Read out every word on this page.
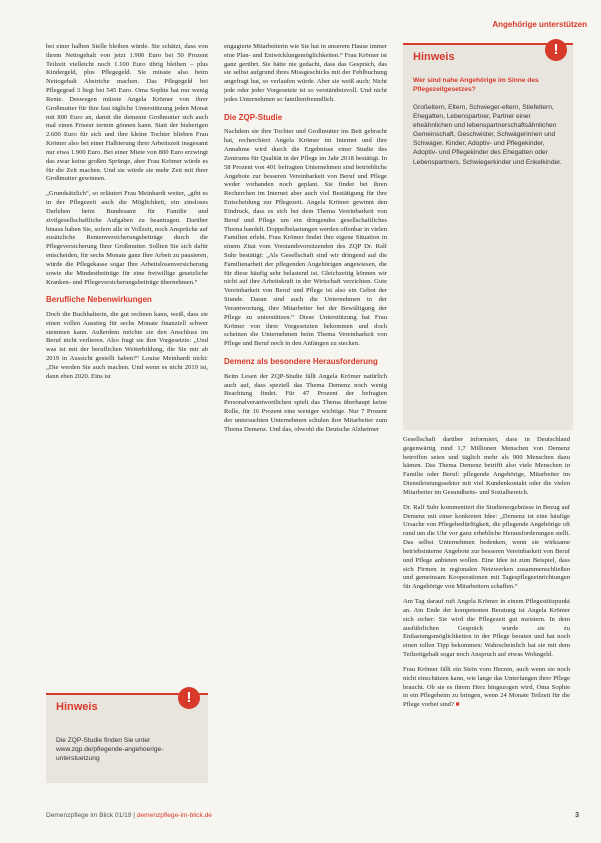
Angehörige unterstützen

bei einer halben Stelle bleiben würde. Sie schätzt, dass von ihrem Nettogehalt von jetzt 1.900 Euro bei 50 Prozent Teilzeit vielleicht noch 1.100 Euro übrig bleiben – plus Kindergeld, plus Pflegegeld. Sie müsste also beim Nettogehalt Abstriche machen. Das Pflegegeld bei Pflegegrad 3 liegt bei 545 Euro. Oma Sophie hat nur wenig Rente. Deswegen müsste Angela Krömer von ihrer Großmutter für ihre fast tägliche Unterstützung jeden Monat mit 800 Euro an, damit die demente Großmutter sich auch mal einen Friseur termin gönnen kann. Statt der bisherigen 2.600 Euro für sich und ihre kleine Tochter blieben Frau Krömer also bei einer Halbierung ihrer Arbeitszeit insgesamt nur etwa 1.900 Euro. Bei einer Miete von 800 Euro erzwingt das zwar keine großen Sprünge, aber Frau Krömer würde es für die Zeit machen. Und sie würde sie mehr Zeit mit ihrer Großmutter gewinnen.

„Grundsätzlich“, so erläutert Frau Meinhardt weiter, „gibt es in der Pflegezeit auch die Möglichkeit, ein zinsloses Darlehen beim Bundesamt für Familie und zivilgesellschaftliche Aufgaben zu beantragen. Darüber hinaus haben Sie, sofern alle in Vollzeit, noch Ansprüche auf zusätzliche Rentenversicherungsbeiträge durch die Pflegeversicherung Ihrer Großmutter. Sollten Sie sich dafür entscheiden, für sechs Monate ganz Ihre Arbeit zu pausieren, würde die Pflegekasse sogar Ihre Arbeitslosenversicherung sowie die Mindestbeiträge für eine freiwillige gesetzliche Kranken- und Pflegeversicherungsbeiträge übernehmen.“

Berufliche Nebenwirkungen

Doch die Buchhalterin, die gut rechnen kann, weiß, dass sie einen vollen Ausstieg für sechs Monate finanziell schwer stemmen kann. Außerdem möchte sie den Anschluss im Beruf nicht verlieren. Also fragt sie ihre Vorgesetzte: „Und was ist mit der beruflichen Weiterbildung, die Sie mir ab 2019 in Aussicht gestellt haben?“ Louise Meinhardt nickt: „Die werden Sie auch machen. Und wenn es nicht 2019 ist, dann eben 2020. Eins ist

engagierte Mitarbeiterin wie Sie hat in unserem Hause immer eine Plan- und Entwicklungsmöglichkeiten.“ Frau Krömer ist ganz gerührt. Sie hätte nie gedacht, dass das Gespräch, das sie selbst aufgrund ihres Missgeschicks mit der Fehlbuchung angefragt hat, so verlaufen würde. Aber sie weiß auch: Nicht jede oder jeder Vorgesetzte ist so verständnisvoll. Und nicht jedes Unternehmen so familienfreundlich.

Die ZQP-Studie

Nachdem sie ihre Tochter und Großmutter ins Bett gebracht hat, recherchiert Angela Krömer im Internet und ihre Annahme wird durch die Ergebnisse einer Studie des Zentrums für Qualität in der Pflege im Jahr 2018 bestätigt. In 58 Prozent von 401 befragten Unternehmen sind betriebliche Angebote zur besseren Vereinbarkeit von Beruf und Pflege weder vorhanden noch geplant. Sie findet bei ihren Recherchen im Internet aber auch viel Bestätigung für ihre Entscheidung zur Pflegezeit. Angela Krömer gewinnt den Eindruck, dass es sich bei dem Thema Vereinbarkeit von Beruf und Pflege um ein dringendes gesellschaftliches Thema handelt. Doppelbelastungen werden offenbar in vielen Familien erlebt. Frau Krömer findet ihre eigene Situation in einem Zitat vom Vorstandsvorsitzenden des ZQP Dr. Ralf Suhr bestätigt: „Als Gesellschaft sind wir dringend auf die Familienarbeit der pflegenden Angehörigen angewiesen, die für diese häufig sehr belastend ist. Gleichzeitig können wir nicht auf ihre Arbeitskraft in der Wirtschaft verzichten. Gute Vereinbarkeit von Beruf und Pflege ist also ein Gebot der Stunde. Daran sind auch die Unternehmen in der Verantwortung, ihre Mitarbeiter bei der Bewältigung der Pflege zu unterstützen.“ Diese Unterstützung hat Frau Krömer von ihrer Vorgesetzten bekommen und doch scheinen die Unternehmen beim Thema Vereinbarkeit von Pflege und Beruf noch in den Anfängen zu stecken.

Demenz als besondere Herausforderung

Beim Lesen der ZQP-Studie fällt Angela Krömer natürlich auch auf, dass speziell das Thema Demenz noch wenig Beachtung findet. Für 47 Prozent der befragten Personalverantwortlichen spielt das Thema überhaupt keine Rolle, für 16 Prozent eine weniger wichtige. Nur 7 Prozent der untersuchten Unternehmen schulen ihre Mitarbeiter zum Thema Demenz. Und das, obwohl die Deutsche Alzheimer

Hinweis	!
Wer sind nahe Angehörige im Sinne des Pflegezeitgesetzes?
Großeltern, Eltern, Schwieger-eltern, Stiefeltern, Ehegatten, Lebenspartner, Partner einer eheähnlichen und lebenspartnerschaftsähnlichen Gemeinschaft, Geschwister, Schwägerinnen und Schwager, Kinder, Adoptiv- und Pflegekinder, Adoptiv- und Pflegekinder des Ehegatten oder Lebenspartners, Schwiegerkinder und Enkelkinder.

Gesellschaft darüber informiert, dass in Deutschland gegenwärtig rund 1,7 Millionen Menschen von Demenz betroffen seien und täglich mehr als 900 Menschen dazu kämen. Das Thema Demenz betrifft also viele Menschen in Familie oder Beruf: pflegende Angehörige, Mitarbeiter im Dienstleistungssektor mit viel Kundenkontakt oder die vielen Mitarbeiter im Gesundheits- und Sozialbereich.

Dr. Ralf Suhr kommentiert die Studienergebnisse in Bezug auf Demenz mit einer konkreten Idee: „Demenz ist eine häufige Ursache von Pflegebedürftigkeit, die pflegende Angehörige oft rund um die Uhr vor ganz erhebliche Herausforderungen stellt. Das selbst Unternehmen bedenken, wenn sie wirksame betriebsinterne Angebote zur besseren Vereinbarkeit von Beruf und Pflege anbieten wollen. Eine Idee ist zum Beispiel, dass sich Firmen in regionalen Netzwerken zusammenschließen und gemeinsam Kooperationen mit Tagespflegeeinrichtungen für Angehörige von Mitarbeitern schaffen.“

Am Tag darauf ruft Angela Krömer in einem Pflegestützpunkt an. Am Ende der kompetenten Beratung ist Angela Krömer sich sicher: Sie wird die Pflegezeit gut meistern. In dem ausführlichen Gespräch wurde sie zu Entlastungsmöglichkeiten in der Pflege beraten und hat noch einen tollen Tipp bekommen: Wahrscheinlich hat sie mit dem Teilzeitgehalt sogar noch Anspruch auf etwas Wohngeld.

Frau Krömer fällt ein Stein vom Herzen, auch wenn sie noch nicht einschätzen kann, wie lange das Unterfangen ihrer Pflege braucht. Ob sie es ihrem Herz hingezogen wird, Oma Sophie in ein Pflegeheim zu bringen, wenn 24 Monate Teilzeit für die Pflege vorbei sind? ■

Hinweis
!
Die ZQP-Studie finden Sie unter www.zqp.de/pflegende-angehoerige-unterstuetzung
Demenzpflege im Blick 01/19 | demenzpflege-im-blick.de	3
